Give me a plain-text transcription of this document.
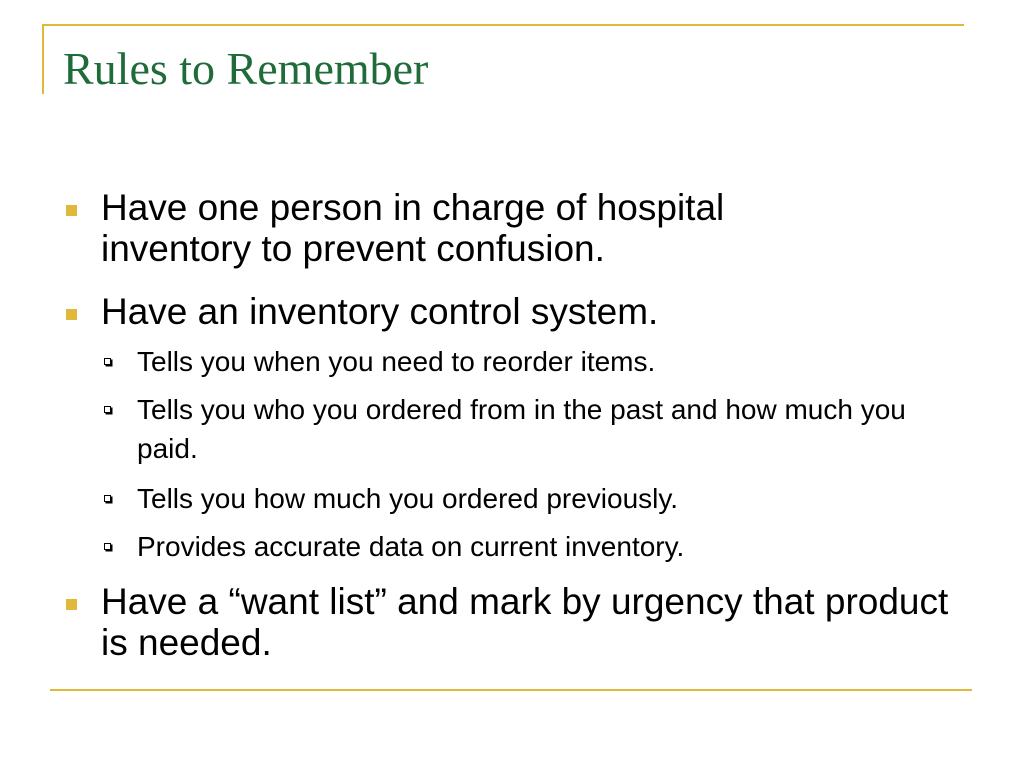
Rules to Remember
Have one person in charge of hospital inventory to prevent confusion.
Have an inventory control system.
Tells you when you need to reorder items.
Tells you who you ordered from in the past and how much you paid.
Tells you how much you ordered previously.
Provides accurate data on current inventory.
Have a “want list” and mark by urgency that product is needed.
